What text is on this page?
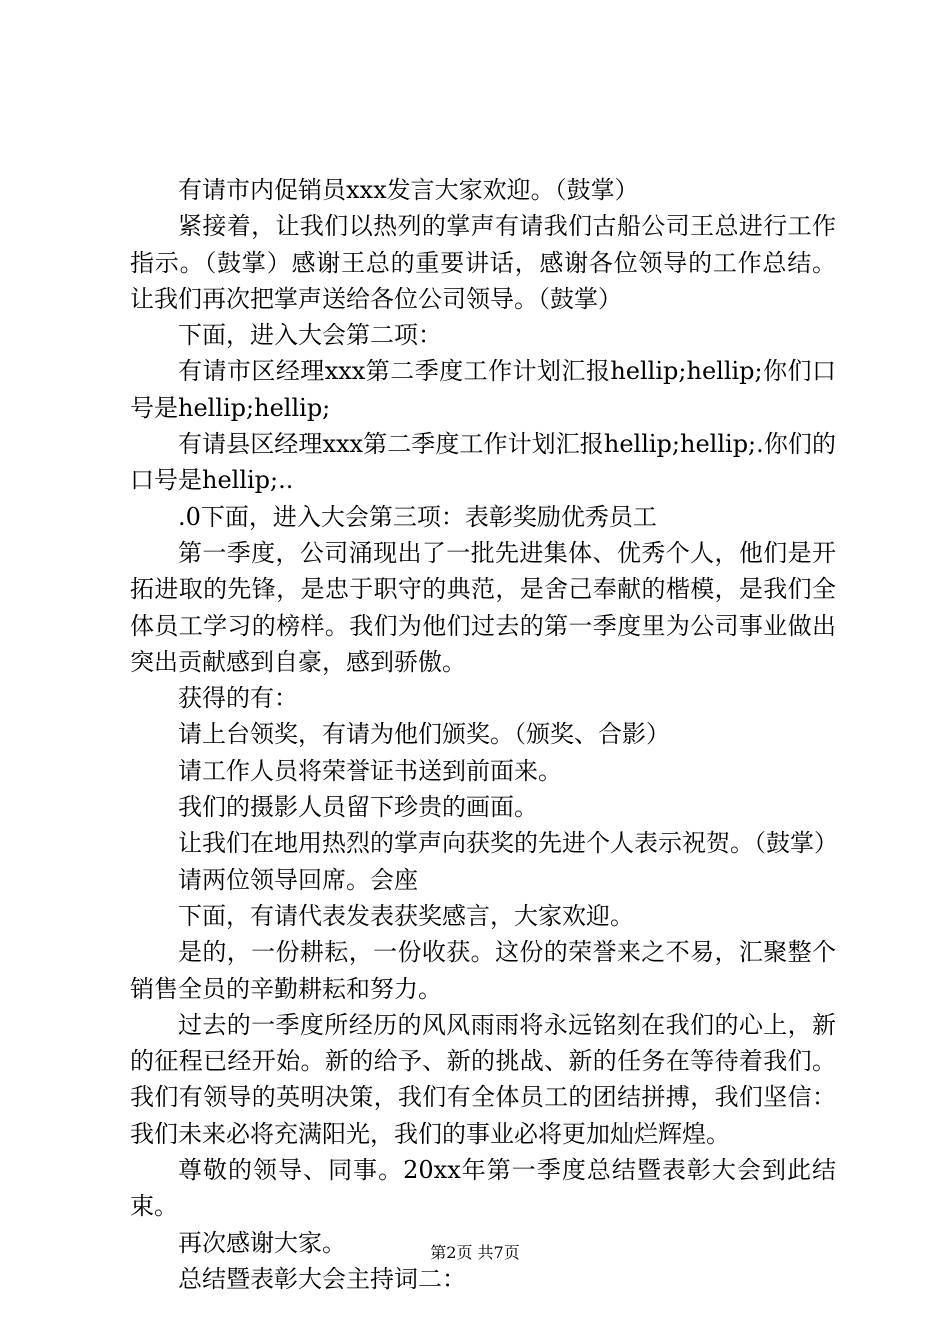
有请市内促销员xxx发言大家欢迎。（鼓掌）

紧接着，让我们以热列的掌声有请我们古船公司王总进行工作指示。（鼓掌）感谢王总的重要讲话，感谢各位领导的工作总结。让我们再次把掌声送给各位公司领导。（鼓掌）

下面，进入大会第二项：

有请市区经理xxx第二季度工作计划汇报hellip;hellip;你们口号是hellip;hellip;

有请县区经理xxx第二季度工作计划汇报hellip;hellip;.你们的口号是hellip;..

.0下面，进入大会第三项：表彰奖励优秀员工

第一季度，公司涌现出了一批先进集体、优秀个人，他们是开拓进取的先锋，是忠于职守的典范，是舍己奉献的楷模，是我们全体员工学习的榜样。我们为他们过去的第一季度里为公司事业做出突出贡献感到自豪，感到骄傲。

获得的有：

请上台领奖，有请为他们颁奖。（颁奖、合影）

请工作人员将荣誉证书送到前面来。

我们的摄影人员留下珍贵的画面。

让我们在地用热烈的掌声向获奖的先进个人表示祝贺。（鼓掌）

请两位领导回席。会座

下面，有请代表发表获奖感言，大家欢迎。

是的，一份耕耘，一份收获。这份的荣誉来之不易，汇聚整个销售全员的辛勤耕耘和努力。

过去的一季度所经历的风风雨雨将永远铭刻在我们的心上，新的征程已经开始。新的给予、新的挑战、新的任务在等待着我们。我们有领导的英明决策，我们有全体员工的团结拼搏，我们坚信：我们未来必将充满阳光，我们的事业必将更加灿烂辉煌。

尊敬的领导、同事。20xx年第一季度总结暨表彰大会到此结束。

再次感谢大家。

总结暨表彰大会主持词二：

第2页 共7页
